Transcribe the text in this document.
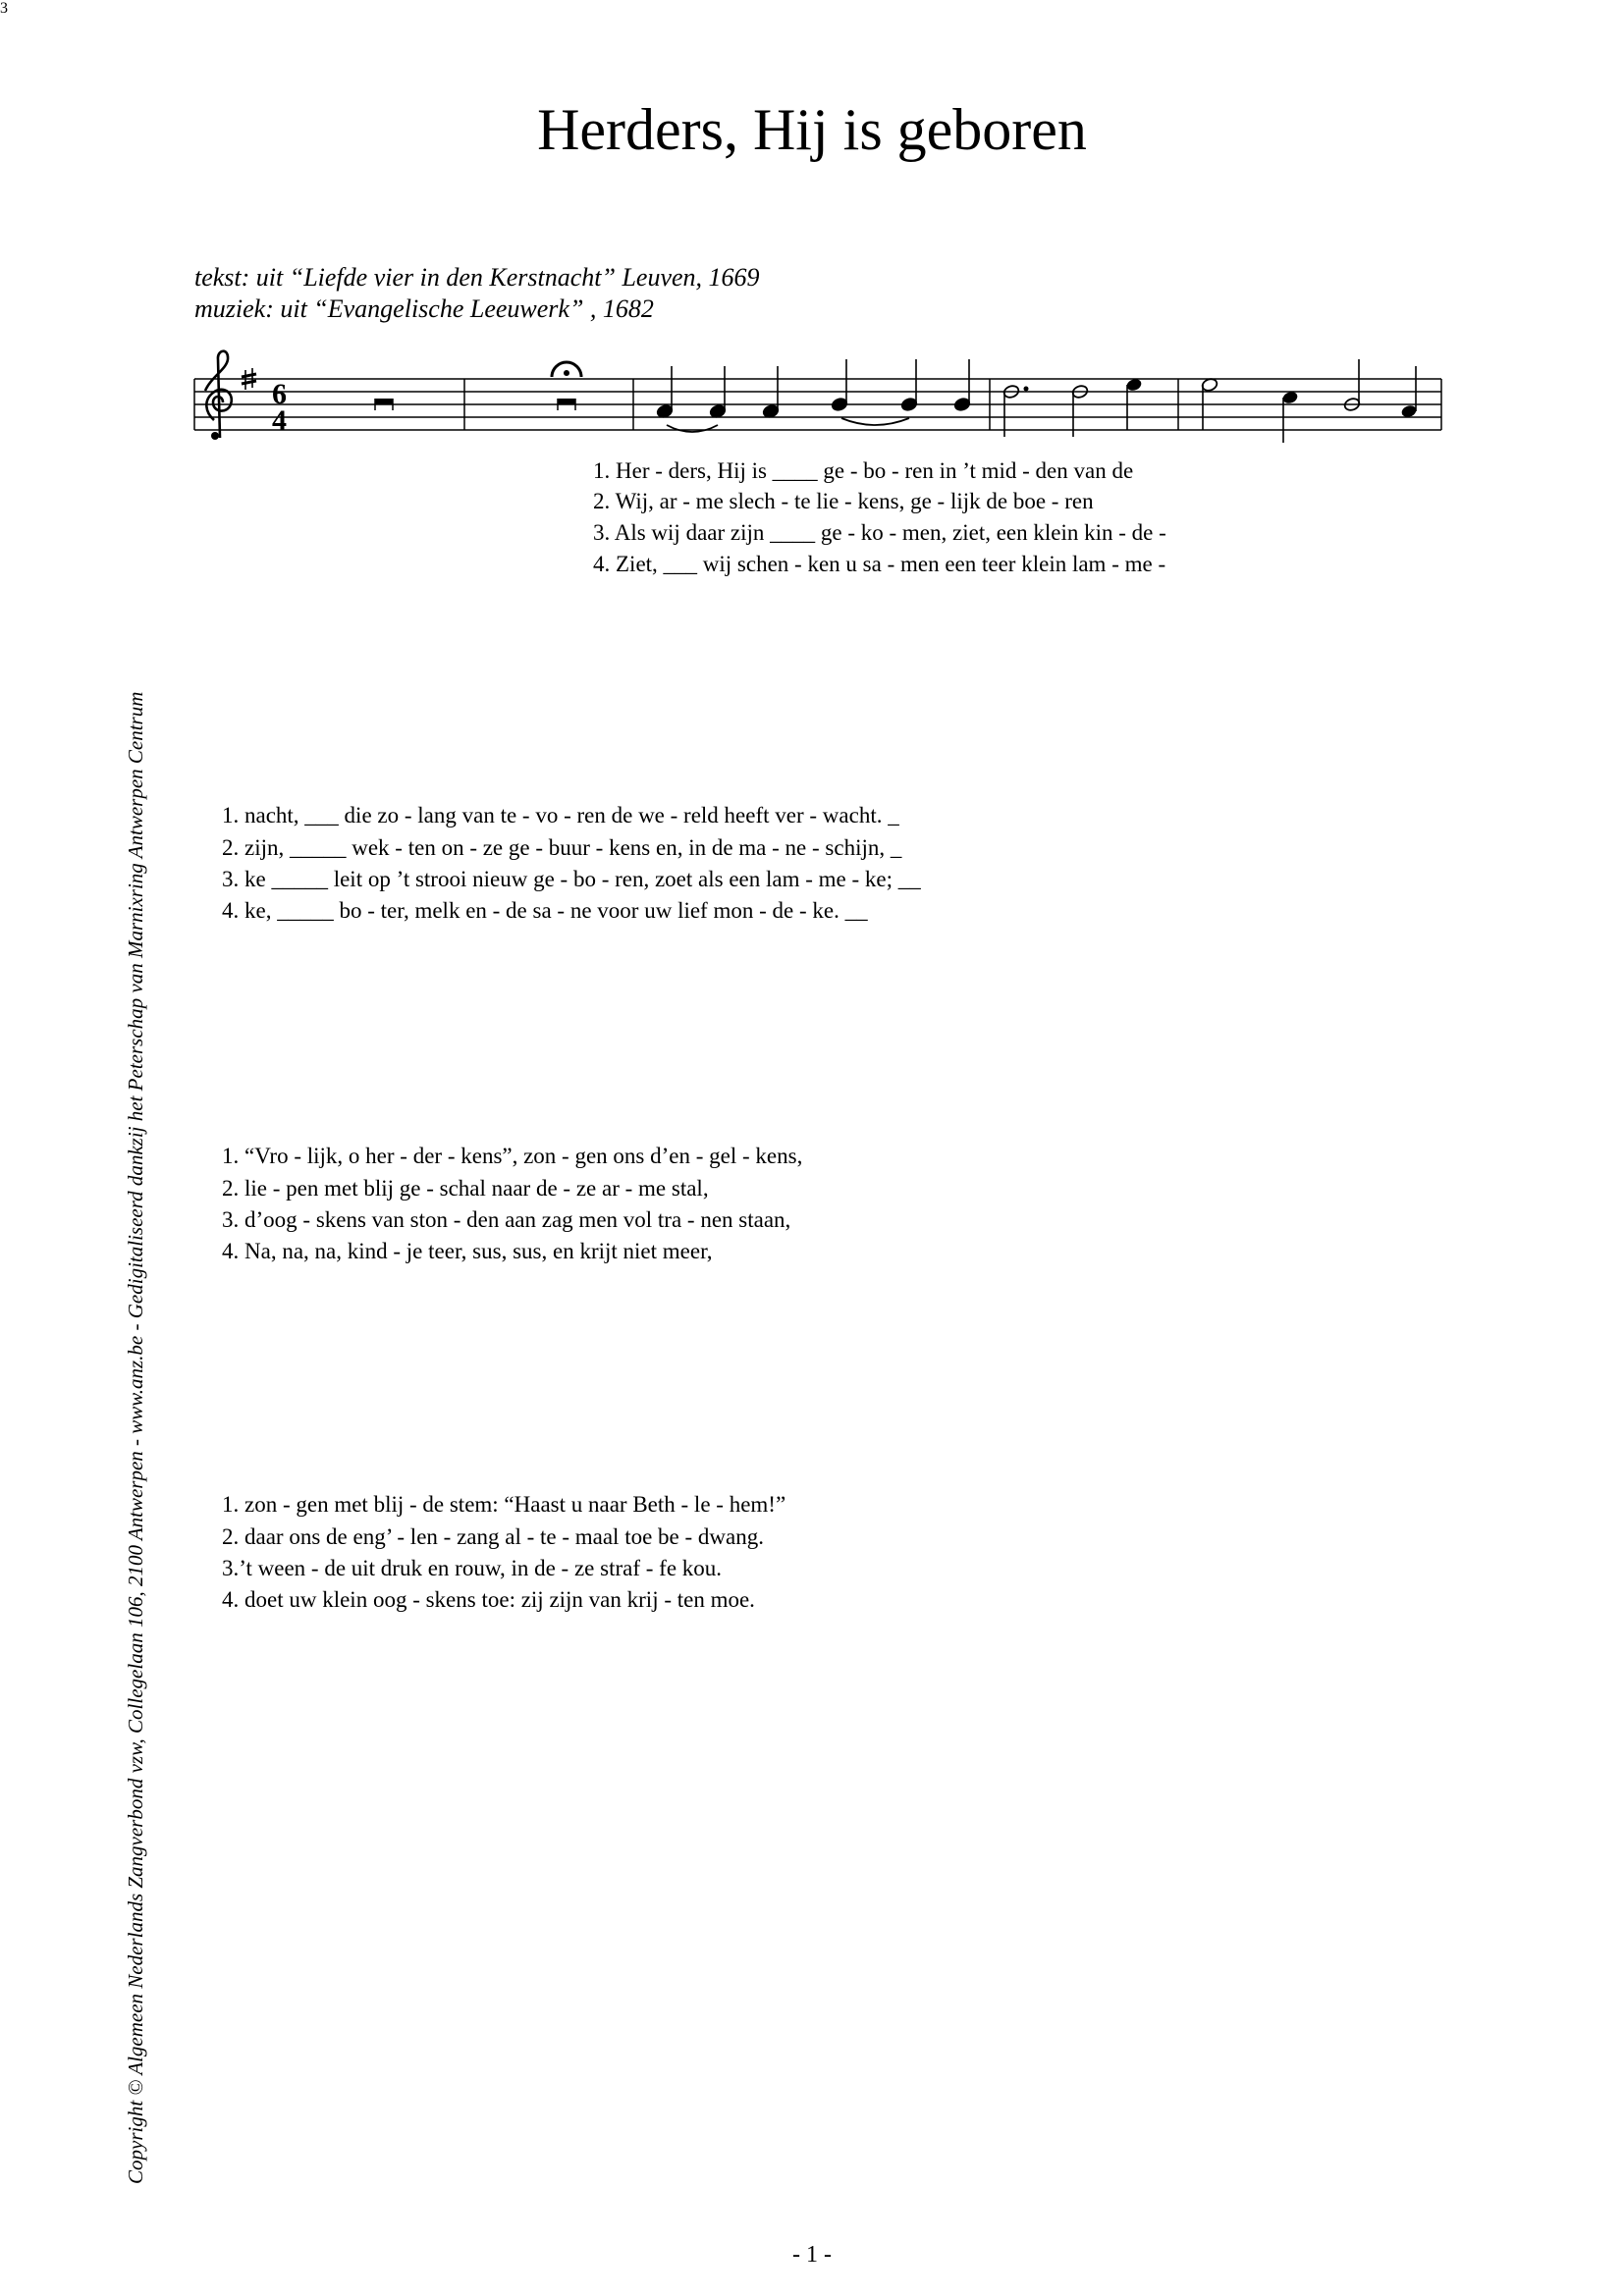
Herders, Hij is geboren
tekst: uit “Liefde vier in den Kerstnacht” Leuven, 1669
muziek: uit “Evangelische Leeuwerk” , 1682
6
4
3
1. Her - ders, Hij is ____ ge - bo - ren in ’t mid - den van de
2. Wij, ar - me slech - te lie - kens, ge - lijk de boe - ren
3. Als wij daar zijn ____ ge - ko - men, ziet, een klein kin - de -
4. Ziet, ___ wij schen - ken u sa - men een teer klein lam - me -
1. nacht, ___ die zo - lang van te - vo - ren de we - reld heeft ver - wacht. _
2. zijn, _____ wek - ten on - ze ge - buur - kens en, in de ma - ne - schijn, _
3. ke _____ leit op ’t strooi nieuw ge - bo - ren, zoet als een lam - me - ke; __
4. ke, _____ bo - ter, melk en - de sa - ne voor uw lief mon - de - ke. __
1. “Vro - lijk, o her - der - kens”, zon - gen ons d’en - gel - kens,
2. lie - pen met blij ge - schal naar de - ze ar - me stal,
3. d’oog - skens van ston - den aan zag men vol tra - nen staan,
4. Na, na, na, kind - je teer, sus, sus, en krijt niet meer,
1. zon - gen met blij - de stem: “Haast u naar Beth - le - hem!”
2. daar ons de eng’ - len - zang al - te - maal toe be - dwang.
3.’t ween - de uit druk en rouw, in de - ze straf - fe kou.
4. doet uw klein oog - skens toe: zij zijn van krij - ten moe.
Copyright © Algemeen Nederlands Zangverbond vzw, Collegelaan 106, 2100 Antwerpen - www.anz.be - Gedigitaliseerd dankzij het Peterschap van Marnixring Antwerpen Centrum
- 1 -
